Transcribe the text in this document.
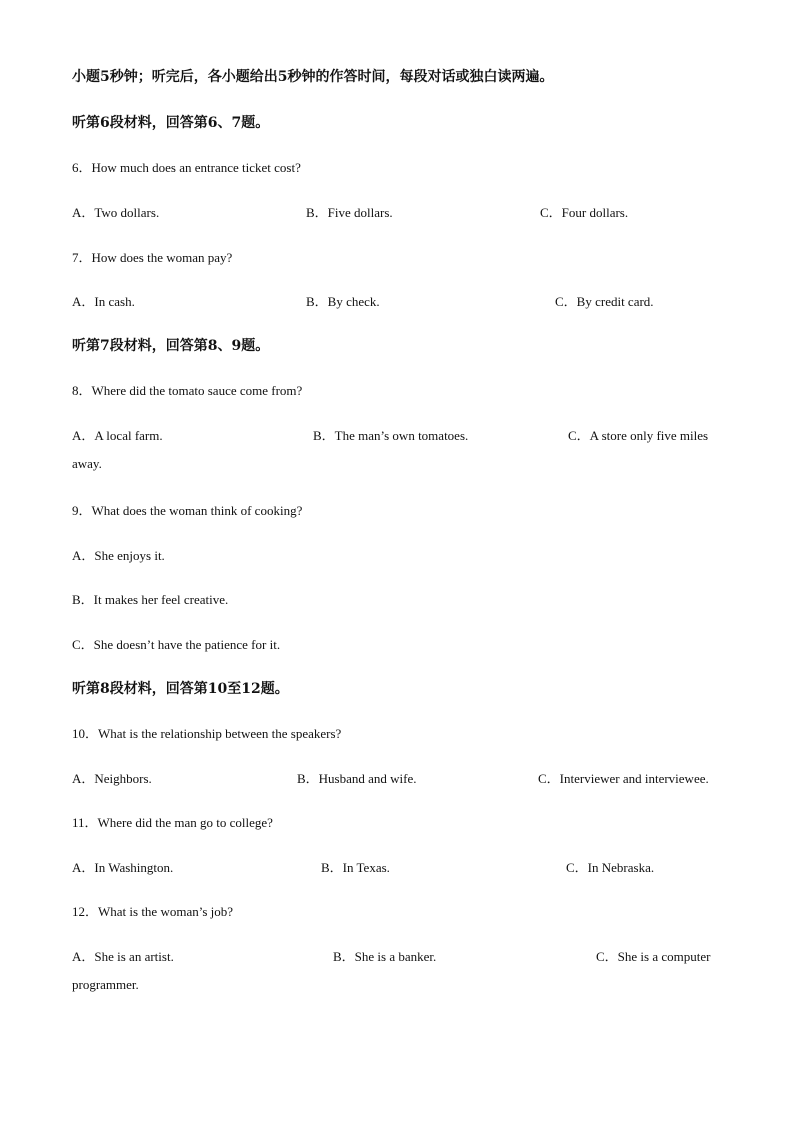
小题5秒钟；听完后，各小题给出5秒钟的作答时间，每段对话或独白读两遍。
听第6段材料，回答第6、7题。
6．How much does an entrance ticket cost?
A．Two dollars.	B．Five dollars.	C．Four dollars.
7．How does the woman pay?
A．In cash.	B．By check.	C．By credit card.
听第7段材料，回答第8、9题。
8．Where did the tomato sauce come from?
A．A local farm.	B．The man’s own tomatoes.	C．A store only five miles
away.
9．What does the woman think of cooking?
A．She enjoys it.
B．It makes her feel creative.
C．She doesn’t have the patience for it.
听第8段材料，回答第10至12题。
10．What is the relationship between the speakers?
A．Neighbors.	B．Husband and wife.	C．Interviewer and interviewee.
11．Where did the man go to college?
A．In Washington.	B．In Texas.	C．In Nebraska.
12．What is the woman’s job?
A．She is an artist.	B．She is a banker.	C．She is a computer
programmer.
